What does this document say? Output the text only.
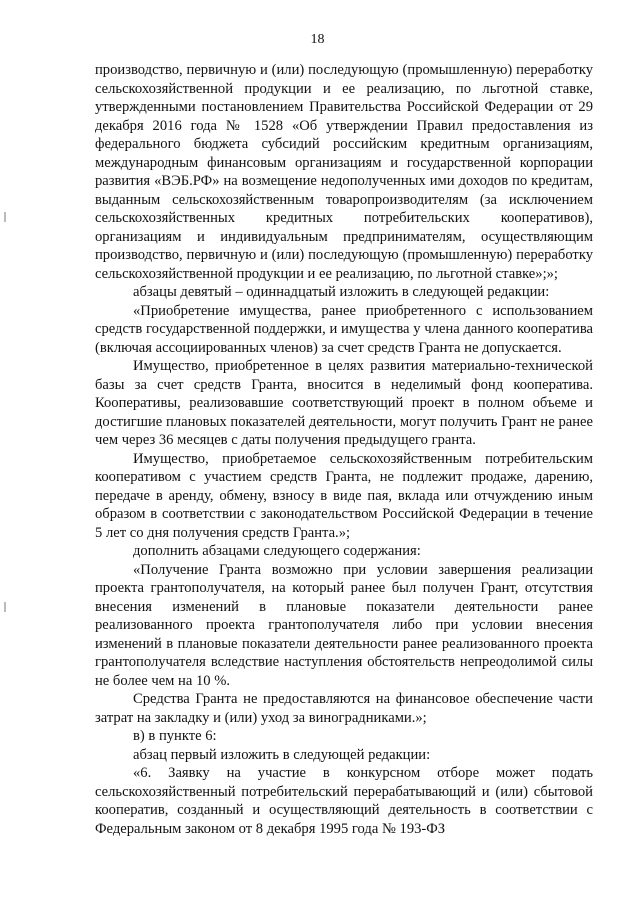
18

производство, первичную и (или) последующую (промышленную) переработку сельскохозяйственной продукции и ее реализацию, по льготной ставке, утвержденными постановлением Правительства Российской Федерации от 29 декабря 2016 года № 1528 «Об утверждении Правил предоставления из федерального бюджета субсидий российским кредитным организациям, международным финансовым организациям и государственной корпорации развития «ВЭБ.РФ» на возмещение недополученных ими доходов по кредитам, выданным сельскохозяйственным товаропроизводителям (за исключением сельскохозяйственных кредитных потребительских кооперативов), организациям и индивидуальным предпринимателям, осуществляющим производство, первичную и (или) последующую (промышленную) переработку сельскохозяйственной продукции и ее реализацию, по льготной ставке»;»;

абзацы девятый – одиннадцатый изложить в следующей редакции:

«Приобретение имущества, ранее приобретенного с использованием средств государственной поддержки, и имущества у члена данного кооператива (включая ассоциированных членов) за счет средств Гранта не допускается.

Имущество, приобретенное в целях развития материально-технической базы за счет средств Гранта, вносится в неделимый фонд кооператива. Кооперативы, реализовавшие соответствующий проект в полном объеме и достигшие плановых показателей деятельности, могут получить Грант не ранее чем через 36 месяцев с даты получения предыдущего гранта.

Имущество, приобретаемое сельскохозяйственным потребительским кооперативом с участием средств Гранта, не подлежит продаже, дарению, передаче в аренду, обмену, взносу в виде пая, вклада или отчуждению иным образом в соответствии с законодательством Российской Федерации в течение 5 лет со дня получения средств Гранта.»;

дополнить абзацами следующего содержания:

«Получение Гранта возможно при условии завершения реализации проекта грантополучателя, на который ранее был получен Грант, отсутствия внесения изменений в плановые показатели деятельности ранее реализованного проекта грантополучателя либо при условии внесения изменений в плановые показатели деятельности ранее реализованного проекта грантополучателя вследствие наступления обстоятельств непреодолимой силы не более чем на 10 %.

Средства Гранта не предоставляются на финансовое обеспечение части затрат на закладку и (или) уход за виноградниками.»;

в) в пункте 6:

абзац первый изложить в следующей редакции:

«6. Заявку на участие в конкурсном отборе может подать сельскохозяйственный потребительский перерабатывающий и (или) сбытовой кооператив, созданный и осуществляющий деятельность в соответствии с Федеральным законом от 8 декабря 1995 года № 193-ФЗ
